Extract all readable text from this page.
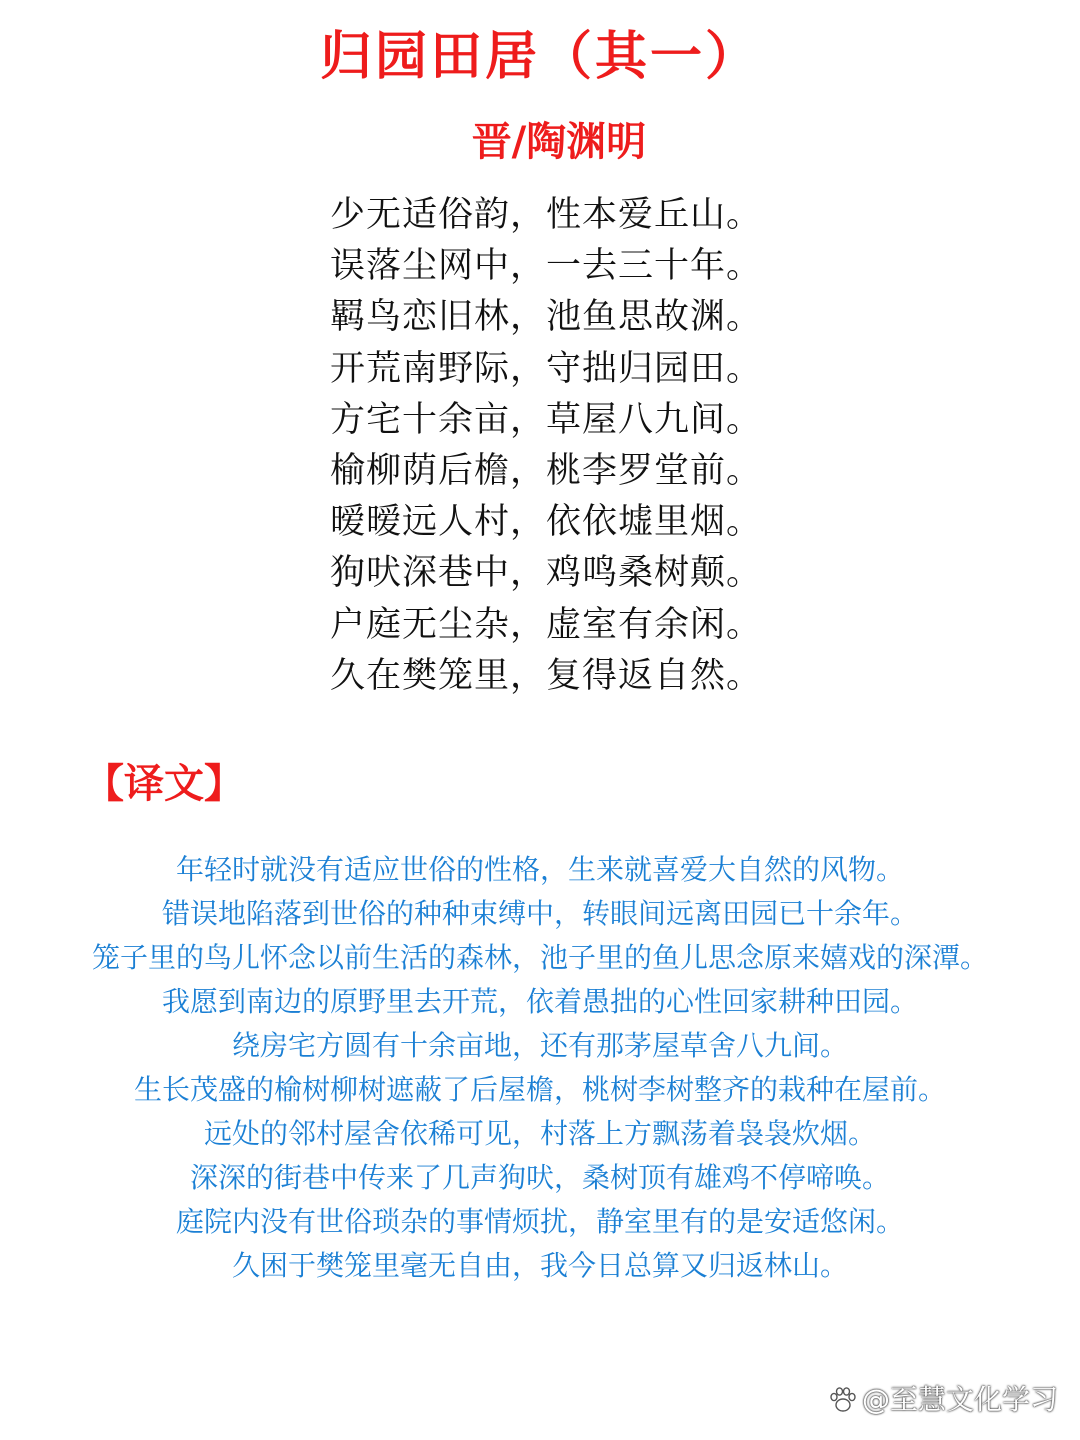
归园田居（其一）
晋/陶渊明
少无适俗韵，性本爱丘山。
误落尘网中，一去三十年。
羁鸟恋旧林，池鱼思故渊。
开荒南野际，守拙归园田。
方宅十余亩，草屋八九间。
榆柳荫后檐，桃李罗堂前。
暧暧远人村，依依墟里烟。
狗吠深巷中，鸡鸣桑树颠。
户庭无尘杂，虚室有余闲。
久在樊笼里，复得返自然。
【译文】
年轻时就没有适应世俗的性格，生来就喜爱大自然的风物。
错误地陷落到世俗的种种束缚中，转眼间远离田园已十余年。
笼子里的鸟儿怀念以前生活的森林，池子里的鱼儿思念原来嬉戏的深潭。
我愿到南边的原野里去开荒，依着愚拙的心性回家耕种田园。
绕房宅方圆有十余亩地，还有那茅屋草舍八九间。
生长茂盛的榆树柳树遮蔽了后屋檐，桃树李树整齐的栽种在屋前。
远处的邻村屋舍依稀可见，村落上方飘荡着袅袅炊烟。
深深的街巷中传来了几声狗吠，桑树顶有雄鸡不停啼唤。
庭院内没有世俗琐杂的事情烦扰，静室里有的是安适悠闲。
久困于樊笼里毫无自由，我今日总算又归返林山。
@至慧文化学习
